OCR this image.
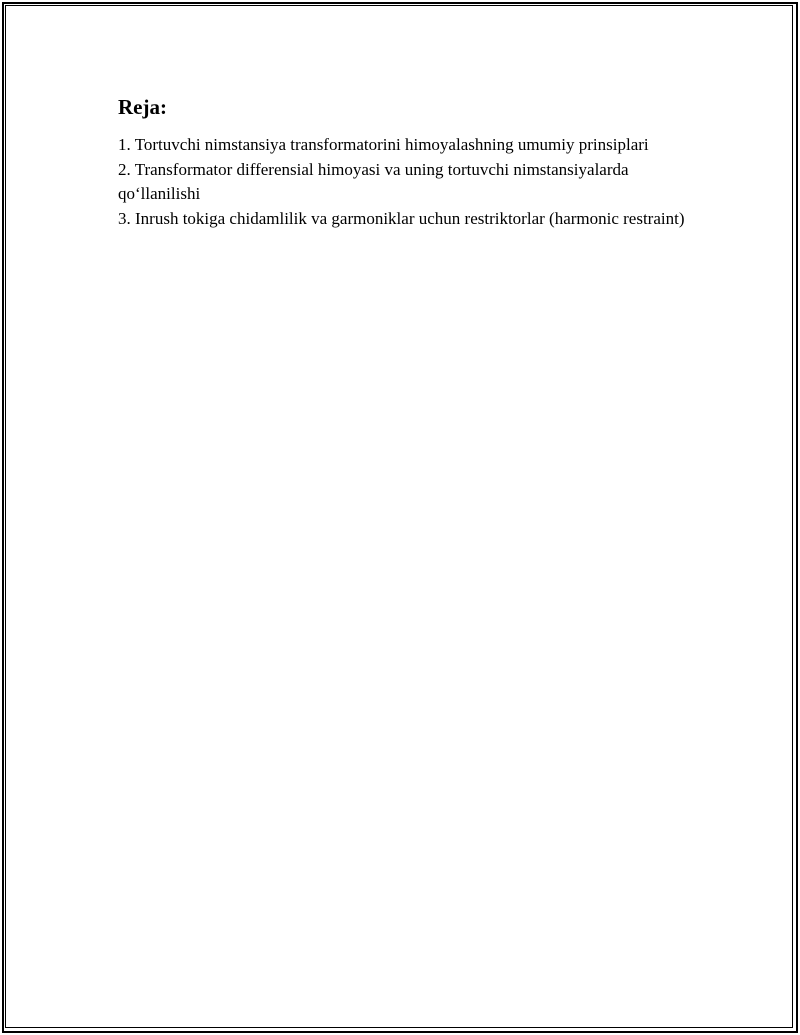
Reja:
1. Tortuvchi nimstansiya transformatorini himoyalashning umumiy prinsiplari
2. Transformator differensial himoyasi va uning tortuvchi nimstansiyalarda qo‘llanilishi
3. Inrush tokiga chidamlilik va garmoniklar uchun restriktorlar (harmonic restraint)
